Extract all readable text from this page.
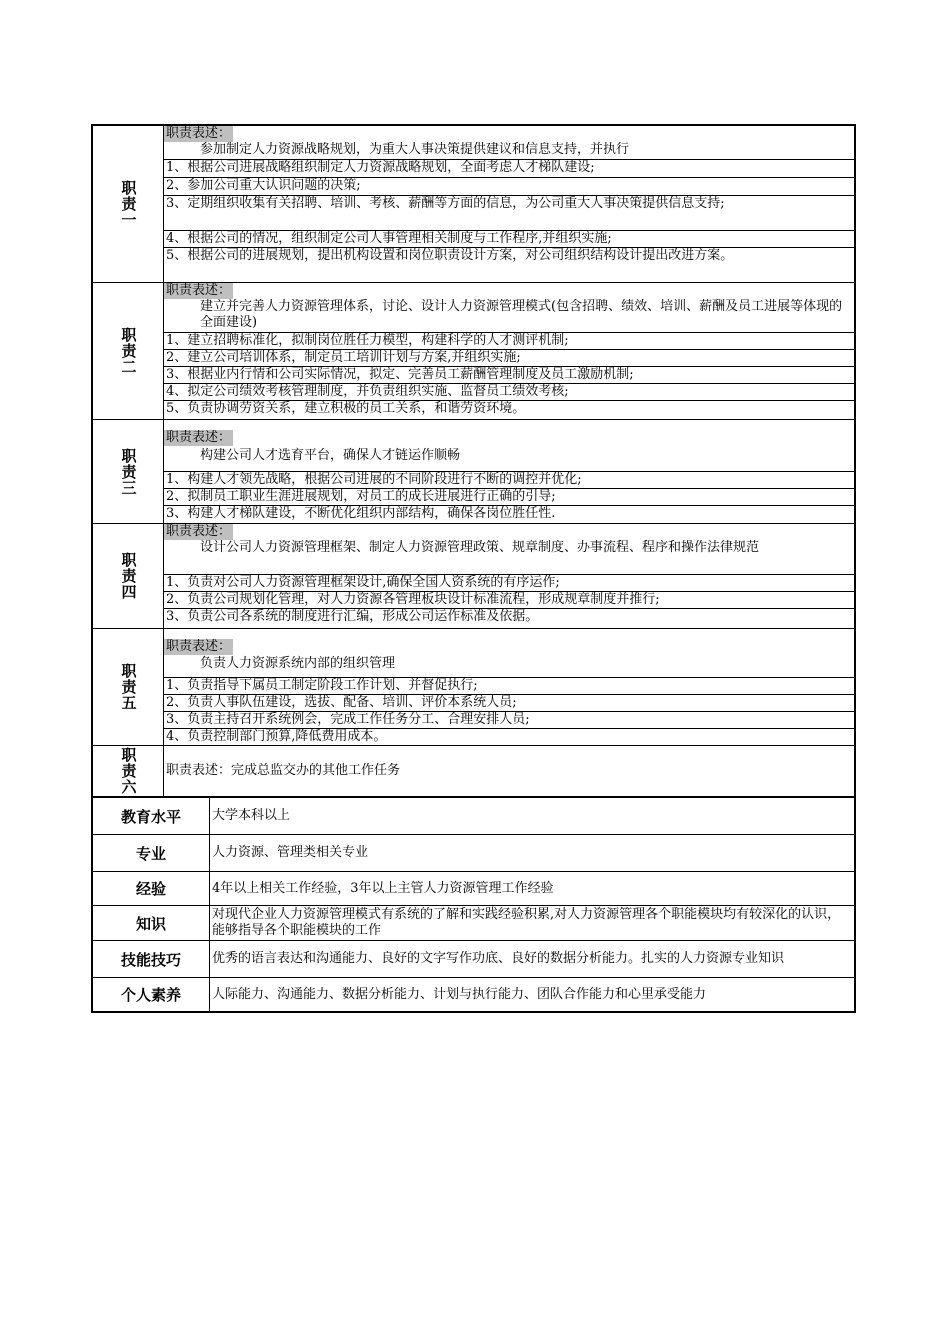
职责一
职责表述：
参加制定人力资源战略规划，为重大人事决策提供建议和信息支持，并执行
1、根据公司进展战略组织制定人力资源战略规划，全面考虑人才梯队建设;
2、参加公司重大认识问题的决策;
3、定期组织收集有关招聘、培训、考核、薪酬等方面的信息，为公司重大人事决策提供信息支持;
4、根据公司的情况，组织制定公司人事管理相关制度与工作程序,并组织实施;
5、根据公司的进展规划，提出机构设置和岗位职责设计方案，对公司组织结构设计提出改进方案。
职责二
职责表述：
建立并完善人力资源管理体系，讨论、设计人力资源管理模式(包含招聘、绩效、培训、薪酬及员工进展等体现的全面建设)
1、建立招聘标准化，拟制岗位胜任力模型，构建科学的人才测评机制;
2、建立公司培训体系，制定员工培训计划与方案,并组织实施;
3、根据业内行情和公司实际情况，拟定、完善员工薪酬管理制度及员工激励机制;
4、拟定公司绩效考核管理制度，并负责组织实施、监督员工绩效考核;
5、负责协调劳资关系，建立积极的员工关系，和谐劳资环境。
职责三
职责表述：
构建公司人才选育平台，确保人才链运作顺畅
1、构建人才领先战略，根据公司进展的不同阶段进行不断的调控并优化;
2、拟制员工职业生涯进展规划，对员工的成长进展进行正确的引导;
3、构建人才梯队建设，不断优化组织内部结构，确保各岗位胜任性.
职责四
职责表述：
设计公司人力资源管理框架、制定人力资源管理政策、规章制度、办事流程、程序和操作法律规范
1、负责对公司人力资源管理框架设计,确保全国人资系统的有序运作;
2、负责公司规划化管理，对人力资源各管理板块设计标准流程，形成规章制度并推行;
3、负责公司各系统的制度进行汇编，形成公司运作标准及依据。
职责五
职责表述：
负责人力资源系统内部的组织管理
1、负责指导下属员工制定阶段工作计划、并督促执行;
2、负责人事队伍建设，选拔、配备、培训、评价本系统人员;
3、负责主持召开系统例会，完成工作任务分工、合理安排人员;
4、负责控制部门预算,降低费用成本。
职责六 职责表述：完成总监交办的其他工作任务
教育水平	大学本科以上
专业	人力资源、管理类相关专业
经验	4年以上相关工作经验，3年以上主管人力资源管理工作经验
知识	对现代企业人力资源管理模式有系统的了解和实践经验积累,对人力资源管理各个职能模块均有较深化的认识，能够指导各个职能模块的工作
技能技巧	优秀的语言表达和沟通能力、良好的文字写作功底、良好的数据分析能力。扎实的人力资源专业知识
个人素养	人际能力、沟通能力、数据分析能力、计划与执行能力、团队合作能力和心里承受能力
